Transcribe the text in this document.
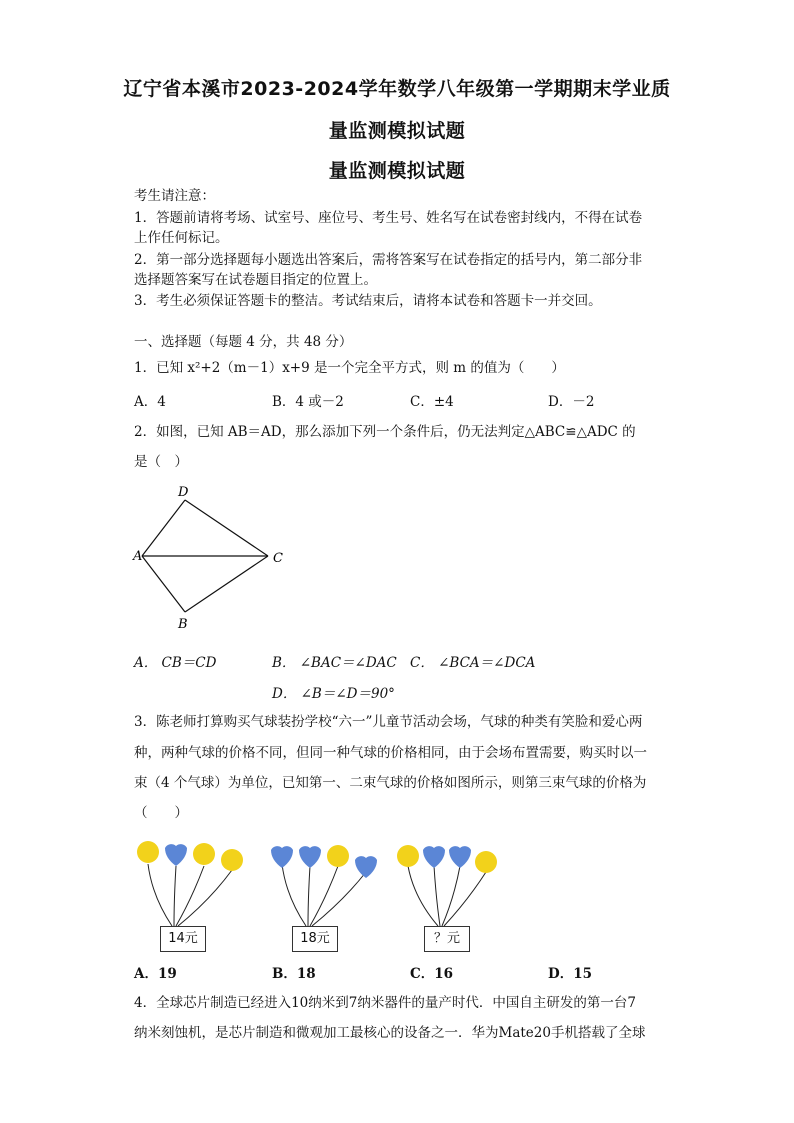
辽宁省本溪市2023-2024学年数学八年级第一学期期末学业质
量监测模拟试题
量监测模拟试题
考生请注意：
1．答题前请将考场、试室号、座位号、考生号、姓名写在试卷密封线内，不得在试卷
上作任何标记。
2．第一部分选择题每小题选出答案后，需将答案写在试卷指定的括号内，第二部分非
选择题答案写在试卷题目指定的位置上。
3．考生必须保证答题卡的整洁。考试结束后，请将本试卷和答题卡一并交回。
一、选择题（每题 4 分，共 48 分）
1．已知 x²+2（m－1）x+9 是一个完全平方式，则 m 的值为（　　）
A．4	B．4 或－2	C．±4	D．－2
2．如图，已知 AB＝AD，那么添加下列一个条件后，仍无法判定△ABC≌△ADC 的
是（　）
D
A	C
B
A． CB＝CD	B． ∠BAC＝∠DAC C． ∠BCA＝∠DCA
D． ∠B＝∠D＝90°
3．陈老师打算购买气球装扮学校“六一”儿童节活动会场，气球的种类有笑脸和爱心两
种，两种气球的价格不同，但同一种气球的价格相同，由于会场布置需要，购买时以一
束（4 个气球）为单位，已知第一、二束气球的价格如图所示，则第三束气球的价格为
（　　）
14元	18元	？元
A．19	B．18	C．16	D．15
4．全球芯片制造已经进入10纳米到7纳米器件的量产时代．中国自主研发的第一台7
纳米刻蚀机，是芯片制造和微观加工最核心的设备之一．华为Mate20手机搭载了全球
